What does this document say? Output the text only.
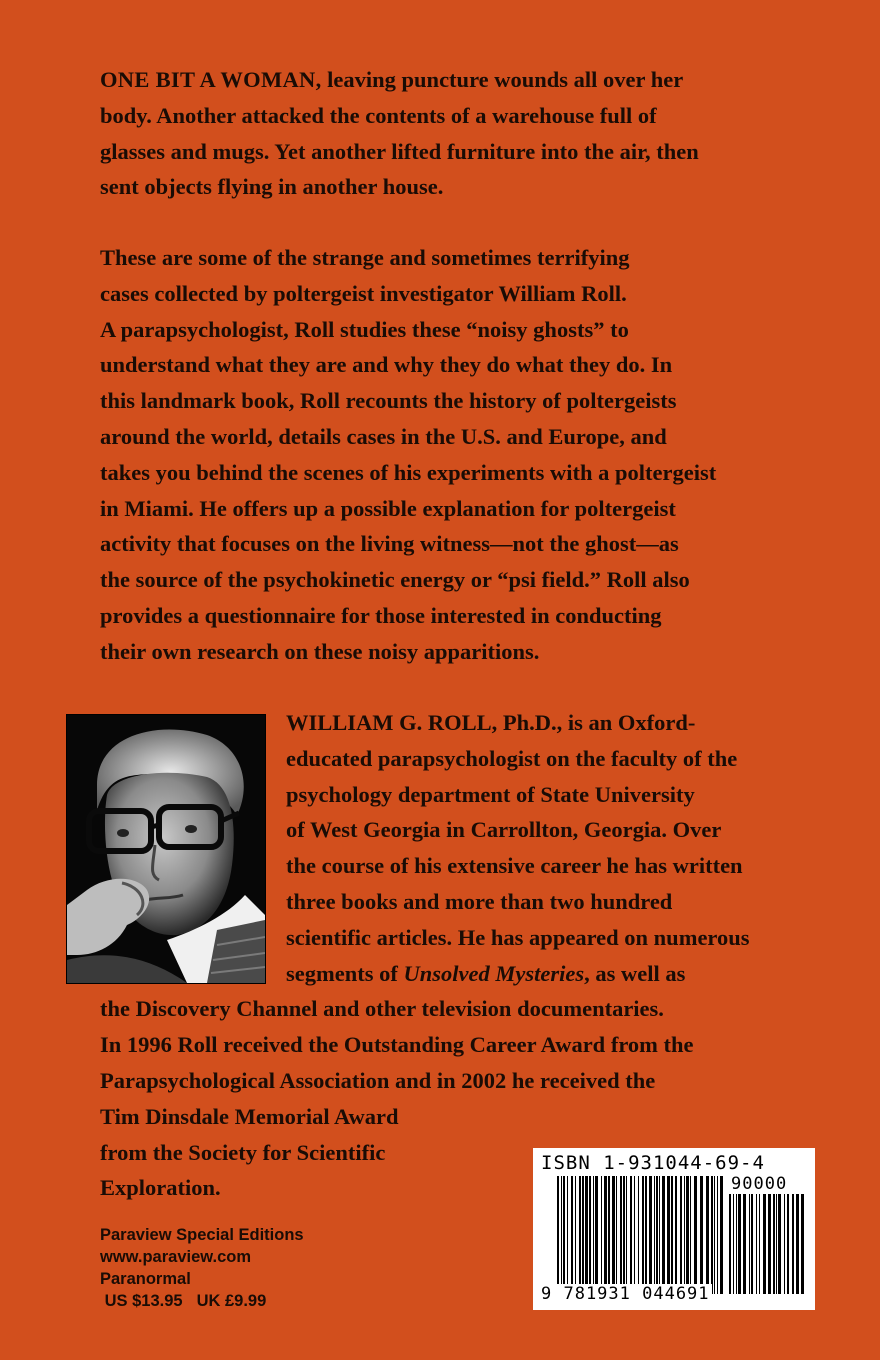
ONE BIT A WOMAN, leaving puncture wounds all over her
body. Another attacked the contents of a warehouse full of
glasses and mugs. Yet another lifted furniture into the air, then
sent objects flying in another house.
These are some of the strange and sometimes terrifying
cases collected by poltergeist investigator William Roll.
A parapsychologist, Roll studies these “noisy ghosts” to
understand what they are and why they do what they do. In
this landmark book, Roll recounts the history of poltergeists
around the world, details cases in the U.S. and Europe, and
takes you behind the scenes of his experiments with a poltergeist
in Miami. He offers up a possible explanation for poltergeist
activity that focuses on the living witness—not the ghost—as
the source of the psychokinetic energy or “psi field.” Roll also
provides a questionnaire for those interested in conducting
their own research on these noisy apparitions.
WILLIAM G. ROLL, Ph.D., is an Oxford-
educated parapsychologist on the faculty of the
psychology department of State University
of West Georgia in Carrollton, Georgia. Over
the course of his extensive career he has written
three books and more than two hundred
scientific articles. He has appeared on numerous
segments of Unsolved Mysteries, as well as
the Discovery Channel and other television documentaries.
In 1996 Roll received the Outstanding Career Award from the
Parapsychological Association and in 2002 he received the
Tim Dinsdale Memorial Award
from the Society for Scientific
Exploration.
Paraview Special Editions
www.paraview.com
Paranormal
US $13.95 UK £9.99
ISBN 1-931044-69-4
90000
9 781931 044691
